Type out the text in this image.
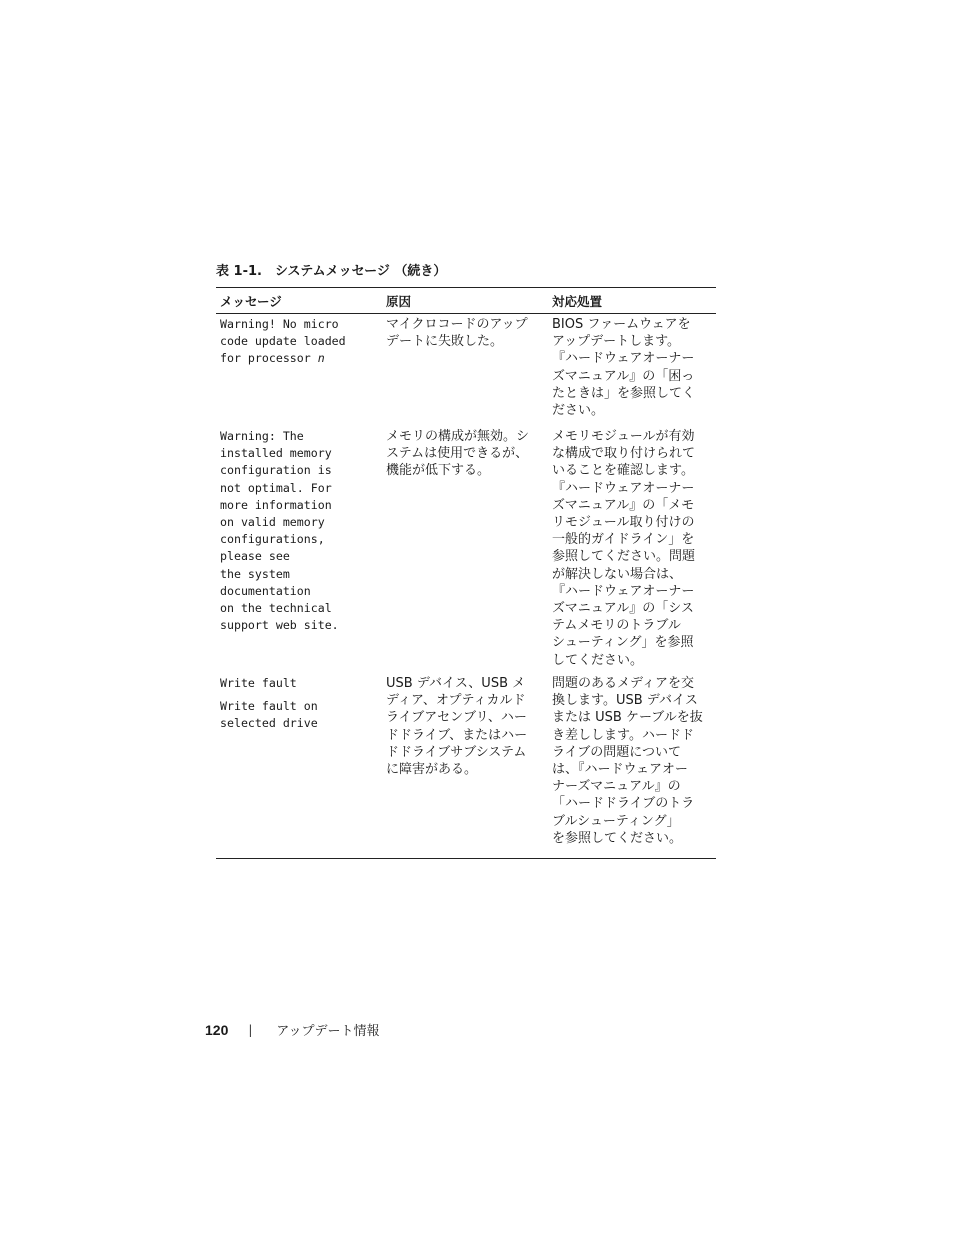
表 1-1.　システムメッセージ （続き）
メッセージ	原因	対応処置
Warning! No micro
code update loaded
for processor n
マイクロコードのアップ
デートに失敗した。
BIOS ファームウェアを
アップデートします。
『ハードウェアオーナー
ズマニュアル』の「困っ
たときは」を参照してく
ださい。
Warning: The
installed memory
configuration is
not optimal. For
more information
on valid memory
configurations,
please see
the system
documentation
on the technical
support web site.
メモリの構成が無効。シ
ステムは使用できるが、
機能が低下する。
メモリモジュールが有効
な構成で取り付けられて
いることを確認します。
『ハードウェアオーナー
ズマニュアル』の「メモ
リモジュール取り付けの
一般的ガイドライン」を
参照してください。問題
が解決しない場合は、
『ハードウェアオーナー
ズマニュアル』の「シス
テムメモリのトラブル
シューティング」を参照
してください。
Write fault
Write fault on
selected drive
USB デバイス、USB メ
ディア、オプティカルド
ライブアセンブリ、ハー
ドドライブ、またはハー
ドドライブサブシステム
に障害がある。
問題のあるメディアを交
換します。USB デバイス
または USB ケーブルを抜
き差しします。ハードド
ライブの問題について
は、『ハードウェアオー
ナーズマニュアル』の
「ハードドライブのトラ
ブルシューティング」
を参照してください。
120 | アップデート情報
